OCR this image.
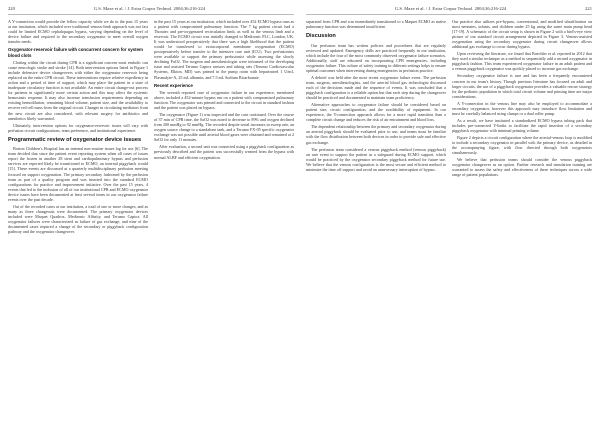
220	G.S. Maxe et al. / J. Extra Corpor Technol. 2004;36:216-224

A Y-connection would provide the fellow capacity while we do in the past 15 years at our institution, which included over traditional venous-limb approach was not fast could be limited ECMO cephalopagus bypass, varying depending on the level of device failure and required to the secondary oxygenator to meet overall oxygen transfer needs.

Oxygenator-reservoir failure with concurrent concern for system blood clots

Clotting within the circuit during CPB is a significant concern most embolic can cause neurologic stroke and stroke [14]. Both intervention options listed in Figure 1 include defensive device changeovers with either the oxygenator reservoir being replaced on the entire CPB circuit. These interventions require relative expediency in action and a period of time of support, which may place the patient in a state of inadequate circulatory function is not available. An entire circuit change-out process for patients in significantly more certain action and this may affect the systemic hemostasis response. It may also increase transfusion requirements depending on existing hemodilution, remaining blood volume, patient size, and the availability to recover red cell mass from the original circuit. Changes in circulating mediators from the new circuit are also considered, with relevant surgery for antibiotics and anesthetics likely warranted.

Ultimately, intervention options for oxygenator-reservoir issues will vary with perfusion circuit configurations, team preference, and institutional experience.

Programmatic review of oxygenator device issues

Boston Children's Hospital has an internal non-routine issues log for use [6]. The team decided that since the patient event reporting system when all cases of issues report the frozen in another 28 stent and cardiopulmonary bypass and perfusion services are reported likely be transitioned to ECMO, an internal piggyback would [15]. These events are discussed at a quarterly multidisciplinary perfusion meeting focused on support oxygenation. The primary secondary fashioned by the perfusion team as part of a quality program and was inserted into the standard ECMO configurations for practice and improvement initiative. Over the past 15 years, 4 events that led to the inclusion of all of our institutional CPB and ECMO oxygenator device issues have been documented at least several times in our oxygenator failure events over the past decade.

Out of the recorded cases at our institution, a total of one or more changes, and as many as three changeouts were documented. The primary oxygenator devices included were Maquet Quadrox, Medtronic Affinity, and Terumo Capiox. All oxygenator failures were characterized as failure of gas exchange, and nine of the documented cases required a change of the secondary or piggyback configuration pathway and the oxygenator changeover.

in the past 15 years at our institution, which included over 452 ECMO bypass runs as a patient with compromised pulmonary function. The 7 kg patient circuit had a Thoratec and pre-oxygenated recirculation limb, as well as the venous limb and a reservoir. The ECMO circuit was initially changed to Medtronic PLC, London, UK. It was understood preoperatively that there was a high likelihood that the patient would be transferred to extracorporeal membrane oxygenation (ECMO) postoperatively before transfer to the intensive care unit (ICU). Two perfusionists were available to support the primary perfusionist while assessing the slowly declining PaO2. The surgeon and anesthesiologist were informed of the developing issue and assisted Terumo Capiox sensors and tubing sets (Terumo Cardiovascular Systems, Elkton, MD) was primed in the pump room with heparinized 1 U/mL Plasmalyte-A, 25 mL albumin, and 7.5 mL Sodium Bicarbonate.

Recent experience

The seventh reported case of oxygenator failure in our experience, mentioned above, included a 452-minute bypass run on a patient with compromised pulmonary function. The oxygenator was primed and connected to the circuit in standard fashion and the patient was placed on bypass.

The oxygenator (Figure 1) was inspected and the case continued. Over the course of 37 min of CPB time, the SaO2 was noted to decrease to 89% and oxygen declined from 200 mmHg to 92 mmHg. The recorded despite serial increases in sweep rate, an oxygen source change to a standalone tank, and a Terumo FX-05 specific oxygenator exchange was not possible until arterial blood gases were obtained and remained at 2 SaO2 for only 11 minutes.

After evaluation, a second unit was connected using a piggyback configuration as previously described and the patient was successfully weaned from the bypass with normal ALBF and efficient oxygenation.

G.S. Maxe et al. / J. Extra Corpor Technol. 2004;36:216-224	221

separated from CPB and was immediately transitioned to a Maquet ECMO as native pulmonary function was determined insufficient.

Discussion

Our perfusion team has written policies and procedures that are regularly reviewed and updated. Emergency drills are practiced frequently in our institution, which include the four of the most commonly observed oxygenator failure scenarios. Additionally, staff are educated on incorporating CPB emergencies, including oxygenator failure. This culture of safety training in different settings helps to ensure optimal outcomes when intervening during emergencies in perfusion practice.

A debrief was held after the most recent oxygenator failure event. The perfusion team, surgeon, anesthesiologists, and the arterial blood gas technologist discussed each of the decisions made and the sequence of events. It was concluded that a piggyback configuration is a reliable option but that each step during the changeover should be practiced and documented to maintain team proficiency.

Alternative approaches to oxygenator failure should be considered based on patient size, circuit configuration, and the availability of equipment. In our experience, the Y-connection approach allows for a more rapid transition than a complete circuit change and reduces the risk of air entrainment and blood loss.

The dependent relationship between the primary and secondary oxygenator during an arterial piggyback should be evaluated prior to use, and teams must be familiar with the flow distribution between both devices in order to provide safe and effective gas exchange.

The perfusion team considered a venous piggyback method (venous piggyback) on rare event to support the patient as a safeguard during ECMO support, which would be practiced by the oxygenator secondary piggyback method for future use. We believe that the venous configuration is the most secure and efficient method to minimize the time off support and avoid an unnecessary interruption of bypass.

Our practice also utilizes pre-bypass, conventional, and modified ultrafiltration on most neonates, infants, and children under 25 kg using the same main pump head [17-19]. A schematic of the circuit setup is shown in Figure 2 with a bird's-eye view picture of our standard circuit arrangement depicted in Figure 3. Venous-assisted oxygenation using the secondary oxygenator during circuit changeover allows additional gas exchange to occur during bypass.

Upon reviewing the literature, we found that Buechler et al. reported in 2012 that they used a similar technique as a method to sequentially add a second oxygenator in piggyback fashion. This team experienced oxygenator failure in an adult patient and a venous piggyback oxygenator was quickly placed to increase gas exchange.

Secondary oxygenator failure is rare and has been a frequently encountered concern in our team's history. Though previous literature has focused on adult and larger circuits, the use of a piggyback oxygenator provides a valuable rescue strategy for the pediatric population in which total circuit volume and priming time are major considerations.

A Y-connection in the venous line may also be employed to accommodate a secondary oxygenator, however this approach may introduce flow limitation and must be carefully balanced using clamps or a dual roller pump.

As a result, we have instituted a standardized ECMO bypass tubing pack that includes pre-connected Y-limbs to facilitate the rapid insertion of a secondary piggyback oxygenator with minimal priming volume.

Figure 2 depicts a circuit configuration where the arterial-venous loop is modified to include a secondary oxygenator in parallel with the primary device, as detailed in the accompanying figure, with flow directed through both oxygenators simultaneously.

We believe that perfusion teams should consider the venous piggyback oxygenator changeover as an option. Further research and simulation training are warranted to assess the safety and effectiveness of these techniques across a wide range of patient populations.
